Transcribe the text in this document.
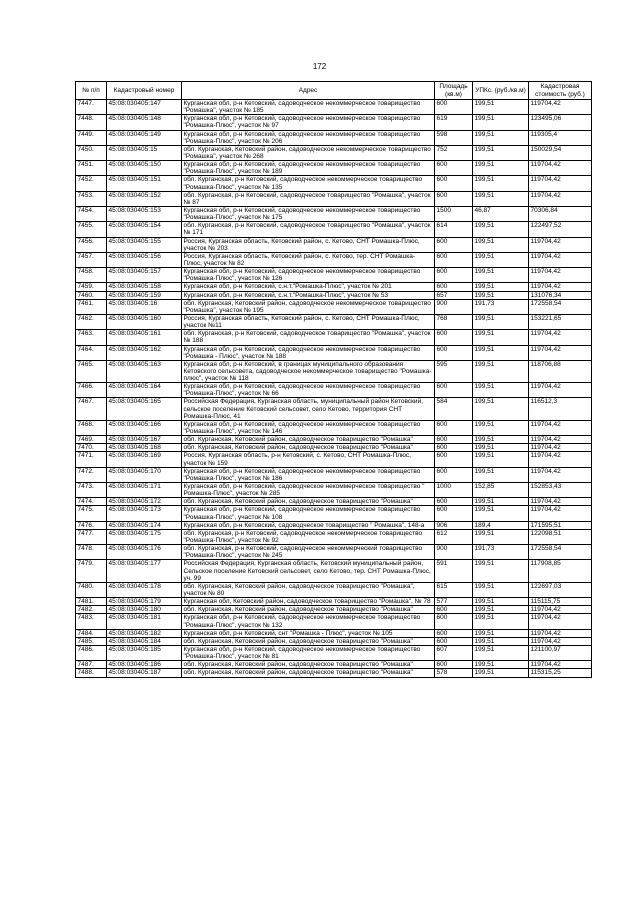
172
№ п/п	Кадастровый номер	Адрес	Площадь (кв.м)	УПКс. (руб./кв.м)	Кадастровая стоимость (руб.)
7447.	45:08:030405:147	Курганская обл, р-н Кетовский, садоводческое некоммерческое товарищество "Ромашка", участок № 185	600	199,51	119704,42
7448.	45:08:030405:148	Курганская обл, р-н Кетовский, садоводческое некоммерческое товарищество "Ромашка-Плюс", участок № 97	619	199,51	123495,06
7449.	45:08:030405:149	Курганская обл, р-н Кетовский, садоводческое некоммерческое товарищество "Ромашка-Плюс", участок № 206	598	199,51	119305,4
7450.	45:08:030405:15	обл. Курганская, Кетовский район, садоводческое некоммерческое товарищество "Ромашка", участок № 268	752	199,51	150029,54
7451.	45:08:030405:150	Курганская обл, р-н Кетовский, садоводческое некоммерческое товарищество "Ромашка-Плюс", участок № 189	600	199,51	119704,42
7452.	45:08:030405:151	обл. Курганская, р-н Кетовский, садоводческое некоммерческое товарищество "Ромашка-Плюс", участок № 135	600	199,51	119704,42
7453.	45:08:030405:152	обл. Курганская, р-н Кетовский, садоводческое товарищество "Ромашка", участок № 87	600	199,51	119704,42
7454.	45:08:030405:153	Курганская обл, р-н Кетовский, садоводческое некоммерческое товарищество "Ромашка-Плюс", участок № 175	1500	46,87	70306,84
7455.	45:08:030405:154	обл. Курганская, р-н Кетовский, садоводческое товарищество "Ромашка", участок № 171	614	199,51	122497,52
7456.	45:08:030405:155	Россия, Курганская область, Кетовский район, с. Кетово, СНТ Ромашка-Плюс, участок № 203	600	199,51	119704,42
7457.	45:08:030405:156	Россия, Курганская область, Кетовский район, с. Кетово, тер. СНТ Ромашка-Плюс, участок № 82	600	199,51	119704,42
7458.	45:08:030405:157	Курганская обл, р-н Кетовский, садоводческое некоммерческое товарищество "Ромашка-Плюс", участок № 126	600	199,51	119704,42
7459.	45:08:030405:158	Курганская обл, р-н Кетовский, с.н.т."Ромашка-Плюс", участок № 201	600	199,51	119704,42
7460.	45:08:030405:159	Курганская обл, р-н Кетовский, с.н.т."Ромашка-Плюс", участок № 53	657	199,51	131076,34
7461.	45:08:030405:16	обл. Курганская, Кетовский район, садоводческое некоммерческое товарищество "Ромашка", участок № 195	900	191,73	172558,54
7462.	45:08:030405:160	Россия, Курганская область, Кетовский район, с. Кетово, СНТ Ромашка-Плюс, участок №11	768	199,51	153221,65
7463.	45:08:030405:161	обл. Курганская, р-н Кетовский, садоводческое товарищество "Ромашка", участок № 188	600	199,51	119704,42
7464.	45:08:030405:162	Курганская обл, р-н Кетовский, садоводческое некоммерческое товарищество "Ромашка - Плюс", участок № 188	600	199,51	119704,42
7465.	45:08:030405:163	Курганская обл, р-н Кетовский, в границах муниципального образования Кетовского сельсовета, садоводческое некоммерческое товарищество "Ромашка-плюс", участок № 118	595	199,51	118706,88
7466.	45:08:030405:164	Курганская обл, р-н Кетовский, садоводческое некоммерческое товарищество "Ромашка-Плюс", участок № 66	600	199,51	119704,42
7467.	45:08:030405:165	Российская Федерация, Курганская область, муниципальный район Кетовский, сельское поселение Кетовский сельсовет, село Кетово, территория СНТ Ромашка-Плюс, 41	584	199,51	116512,3
7468.	45:08:030405:166	Курганская обл, р-н Кетовский, садоводческое некоммерческое товарищество "Ромашка-Плюс", участок № 146	600	199,51	119704,42
7469.	45:08:030405:167	обл. Курганская, Кетовский район, садоводческое товарищество "Ромашка"	600	199,51	119704,42
7470.	45:08:030405:168	обл. Курганская, Кетовский район, садоводческое товарищество "Ромашка"	600	199,51	119704,42
7471.	45:08:030405:169	Россия, Курганская область, р-н Кетовский, с. Кетово, СНТ Ромашка-Плюс, участок № 159	600	199,51	119704,42
7472.	45:08:030405:170	Курганская обл, р-н Кетовский, садоводческое некоммерческое товарищество "Ромашка-Плюс", участок № 186	600	199,51	119704,42
7473.	45:08:030405:171	Курганская обл, р-н Кетовский, садоводческое некоммерческое товарищество " Ромашка-Плюс", участок № 285	1000	152,85	152853,43
7474.	45:08:030405:172	обл. Курганская, Кетовский район, садоводческое товарищество "Ромашка"	600	199,51	119704,42
7475.	45:08:030405:173	Курганская обл, р-н Кетовский, садоводческое некоммерческое товарищество "Ромашка-Плюс", участок № 108	600	199,51	119704,42
7476.	45:08:030405:174	Курганская обл, р-н Кетовский, садоводческое товарищество " Ромашка", 148-а	906	189,4	171595,51
7477.	45:08:030405:175	обл. Курганская, р-н Кетовский, садоводческое некоммерческое товарищество "Ромашка-Плюс", участок № 92	612	199,51	122098,51
7478.	45:08:030405:176	обл. Курганская, р-н Кетовский, садоводческое некоммерческий товарищество "Ромашка-Плюс", участок № 245	900	191,73	172558,54
7479.	45:08:030405:177	Российская Федерация, Курганская область, Кетовский муниципальный район, Сельское поселение Кетовский сельсовет, село Кетово, тер. СНТ Ромашка-Плюс, уч. 99	591	199,51	117908,85
7480.	45:08:030405:178	обл. Курганская, Кетовский район, садоводческое товарищество "Ромашка", участок № 80	615	199,51	122697,03
7481.	45:08:030405:179	Курганская обл, Кетовский район, садоводческое товарищество "Ромашка", № 78	577	199,51	115115,75
7482.	45:08:030405:180	обл. Курганская, Кетовский район, садоводческое товарищество "Ромашка"	600	199,51	119704,42
7483.	45:08:030405:181	Курганская обл, р-н Кетовский, садоводческое некоммерческое товарищество "Ромашка-Плюс", участок № 132	600	199,51	119704,42
7484.	45:08:030405:182	Курганская обл, р-н Кетовский, снт "Ромашка - Плюс", участок № 105	600	199,51	119704,42
7485.	45:08:030405:184	обл. Курганская, Кетовский район, садоводческое товарищество "Ромашка"	600	199,51	119704,42
7486.	45:08:030405:185	Курганская обл, р-н Кетовский, садоводческое некоммерческое товарищество "Ромашка-Плюс", участок № 81	607	199,51	121100,97
7487.	45:08:030405:186	обл. Курганская, Кетовский район, садоводческое товарищество "Ромашка"	600	199,51	119704,42
7488.	45:08:030405:187	обл. Курганская, Кетовский район, садоводческое товарищество "Ромашка"	578	199,51	115315,25
